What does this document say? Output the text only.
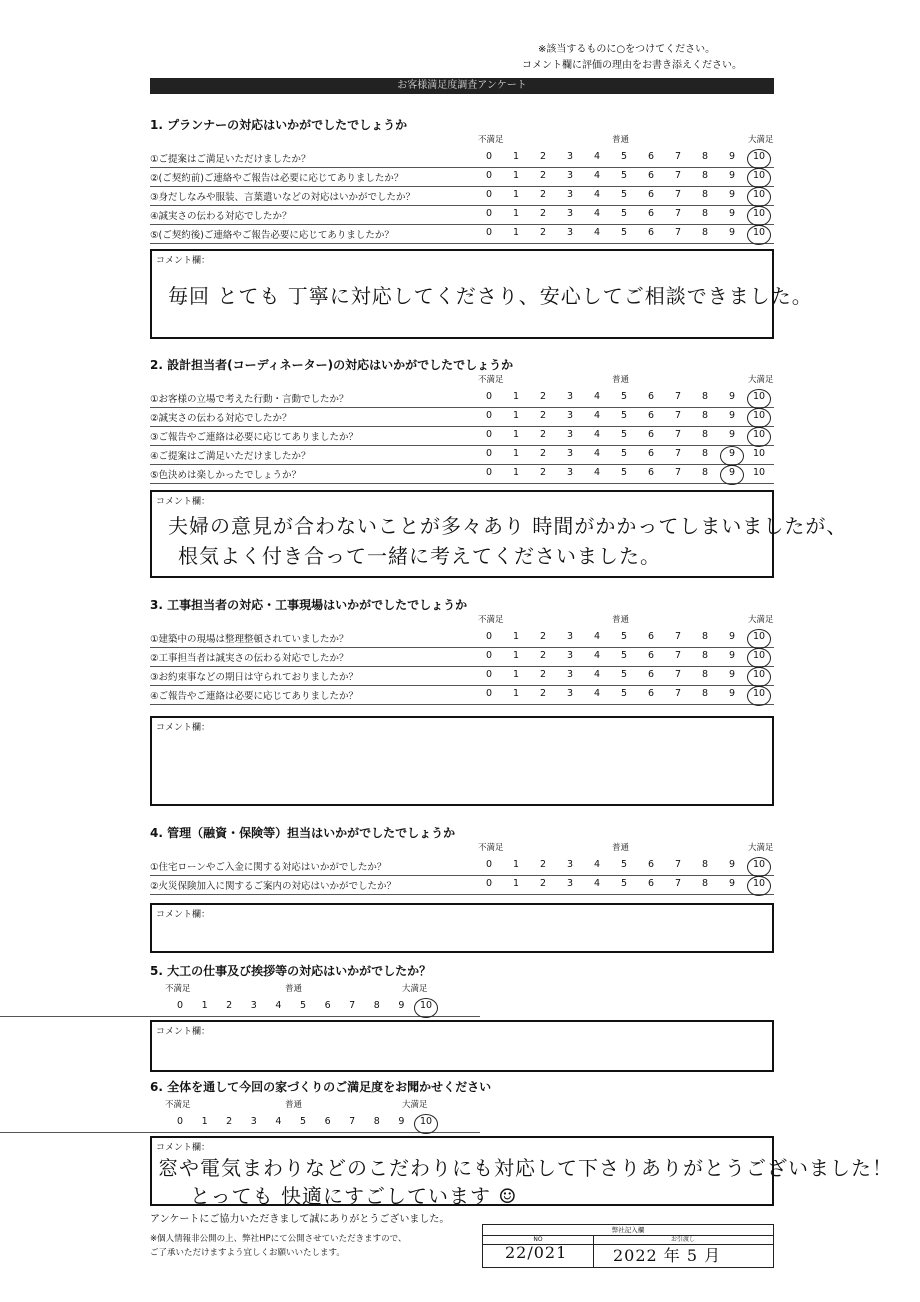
※該当するものに○をつけてください。
コメント欄に評価の理由をお書き添えください。
お客様満足度調査アンケート
1. プランナーの対応はいかがでしたでしょうか
不満足	普通	大満足
①ご提案はご満足いただけましたか？	0	1	2	3	4	5	6	7	8	9	10
②(ご契約前)ご連絡やご報告は必要に応じてありましたか？	0	1	2	3	4	5	6	7	8	9	10
③身だしなみや服装、言葉遣いなどの対応はいかがでしたか？	0	1	2	3	4	5	6	7	8	9	10
④誠実さの伝わる対応でしたか？	0	1	2	3	4	5	6	7	8	9	10
⑤(ご契約後)ご連絡やご報告必要に応じてありましたか？	0	1	2	3	4	5	6	7	8	9	10
コメント欄：
毎回 とても 丁寧に対応してくださり、安心してご相談できました。
2. 設計担当者(コーディネーター)の対応はいかがでしたでしょうか
不満足	普通	大満足
①お客様の立場で考えた行動・言動でしたか？	0	1	2	3	4	5	6	7	8	9	10
②誠実さの伝わる対応でしたか？	0	1	2	3	4	5	6	7	8	9	10
③ご報告やご連絡は必要に応じてありましたか？	0	1	2	3	4	5	6	7	8	9	10
④ご提案はご満足いただけましたか？	0	1	2	3	4	5	6	7	8	9	10
⑤色決めは楽しかったでしょうか？	0	1	2	3	4	5	6	7	8	9	10
コメント欄：
夫婦の意見が合わないことが多々あり 時間がかかってしまいましたが、
根気よく付き合って一緒に考えてくださいました。
3. 工事担当者の対応・工事現場はいかがでしたでしょうか
不満足	普通	大満足
①建築中の現場は整理整頓されていましたか？	0	1	2	3	4	5	6	7	8	9	10
②工事担当者は誠実さの伝わる対応でしたか？	0	1	2	3	4	5	6	7	8	9	10
③お約束事などの期日は守られておりましたか？	0	1	2	3	4	5	6	7	8	9	10
④ご報告やご連絡は必要に応じてありましたか？	0	1	2	3	4	5	6	7	8	9	10
コメント欄：
4. 管理（融資・保険等）担当はいかがでしたでしょうか
不満足	普通	大満足
①住宅ローンやご入金に関する対応はいかがでしたか？	0	1	2	3	4	5	6	7	8	9	10
②火災保険加入に関するご案内の対応はいかがでしたか？	0	1	2	3	4	5	6	7	8	9	10
コメント欄：
5. 大工の仕事及び挨拶等の対応はいかがでしたか？
不満足	普通	大満足
0	1	2	3	4	5	6	7	8	9	10
コメント欄：
6. 全体を通して今回の家づくりのご満足度をお聞かせください
不満足	普通	大満足
0	1	2	3	4	5	6	7	8	9	10
コメント欄：
窓や電気まわりなどのこだわりにも対応して下さりありがとうございました！
とっても 快適にすごしています ☺
アンケートにご協力いただきまして誠にありがとうございました。
※個人情報非公開の上、弊社HPにて公開させていただきますので、
ご了承いただけますよう宜しくお願いいたします。
弊社記入欄
NO	お引渡し
22/021	2022 年 5 月
